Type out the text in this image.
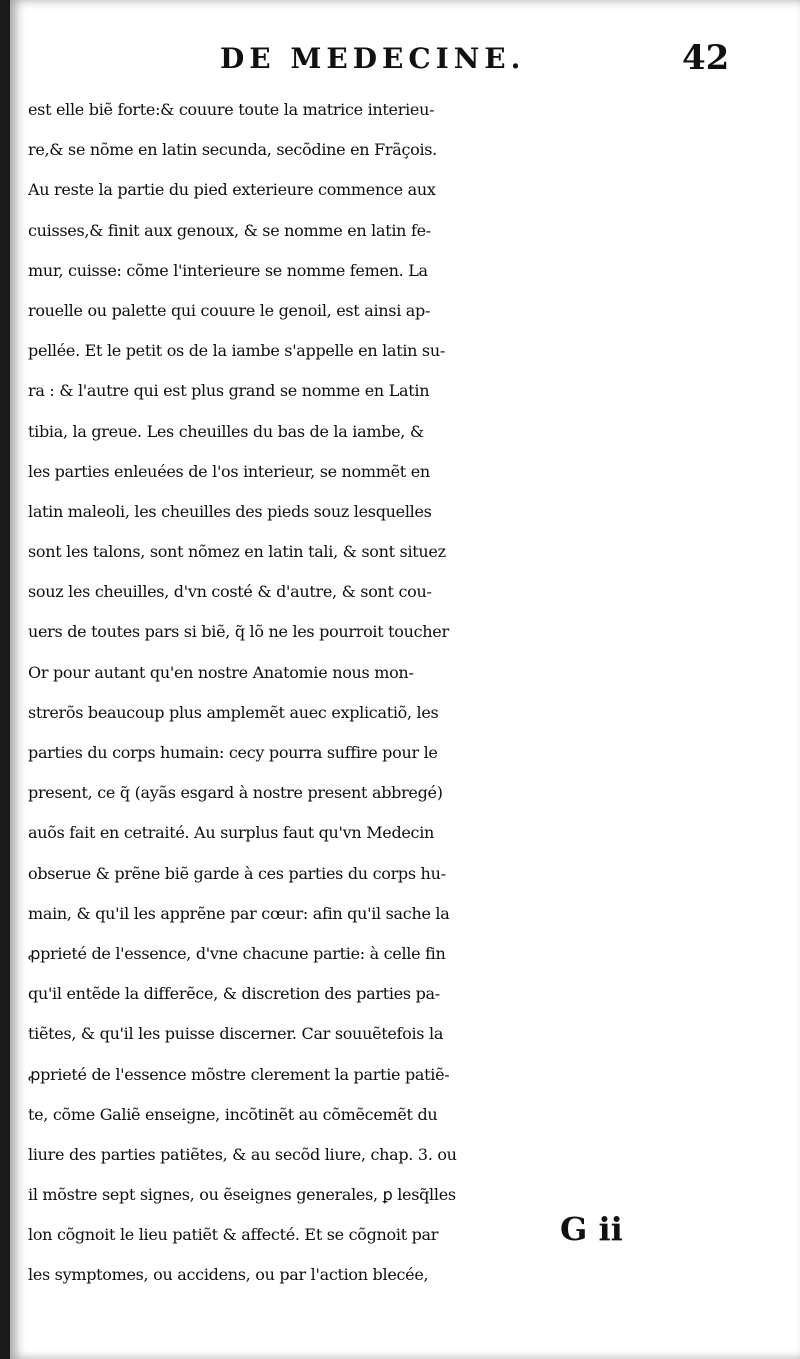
DE MEDECINE.	42
est elle biẽ forte:& couure toute la matrice interieu-
re,& se nõme en latin secunda, secõdine en Frãçois.
Au reste la partie du pied exterieure commence aux
cuisses,& finit aux genoux, & se nomme en latin fe-
mur, cuisse: cõme l'interieure se nomme femen. La
rouelle ou palette qui couure le genoil, est ainsi ap-
pellée. Et le petit os de la iambe s'appelle en latin su-
ra : & l'autre qui est plus grand se nomme en Latin
tibia, la greue. Les cheuilles du bas de la iambe, &
les parties enleuées de l'os interieur, se nommẽt en
latin maleoli, les cheuilles des pieds souz lesquelles
sont les talons, sont nõmez en latin tali, & sont situez
souz les cheuilles, d'vn costé & d'autre, & sont cou-
uers de toutes pars si biẽ, q̃ lõ ne les pourroit toucher
Or pour autant qu'en nostre Anatomie nous mon-
strerõs beaucoup plus amplemẽt auec explicatiõ, les
parties du corps humain: cecy pourra suffire pour le
present, ce q̃ (ayãs esgard à nostre present abbregé)
auõs fait en cetraité. Au surplus faut qu'vn Medecin
obserue & prẽne biẽ garde à ces parties du corps hu-
main, & qu'il les apprẽne par cœur: afin qu'il sache la
ꝓprieté de l'essence, d'vne chacune partie: à celle fin
qu'il entẽde la differẽce, & discretion des parties pa-
tiẽtes, & qu'il les puisse discerner. Car souuẽtefois la
ꝓprieté de l'essence mõstre clerement la partie patiẽ-
te, cõme Galiẽ enseigne, incõtinẽt au cõmẽcemẽt du
liure des parties patiẽtes, & au secõd liure, chap. 3. ou
il mõstre sept signes, ou ẽseignes generales, ꝑ lesq̃lles
lon cõgnoit le lieu patiẽt & affecté. Et se cõgnoit par
les symptomes, ou accidens, ou par l'action blecée,
G ii
